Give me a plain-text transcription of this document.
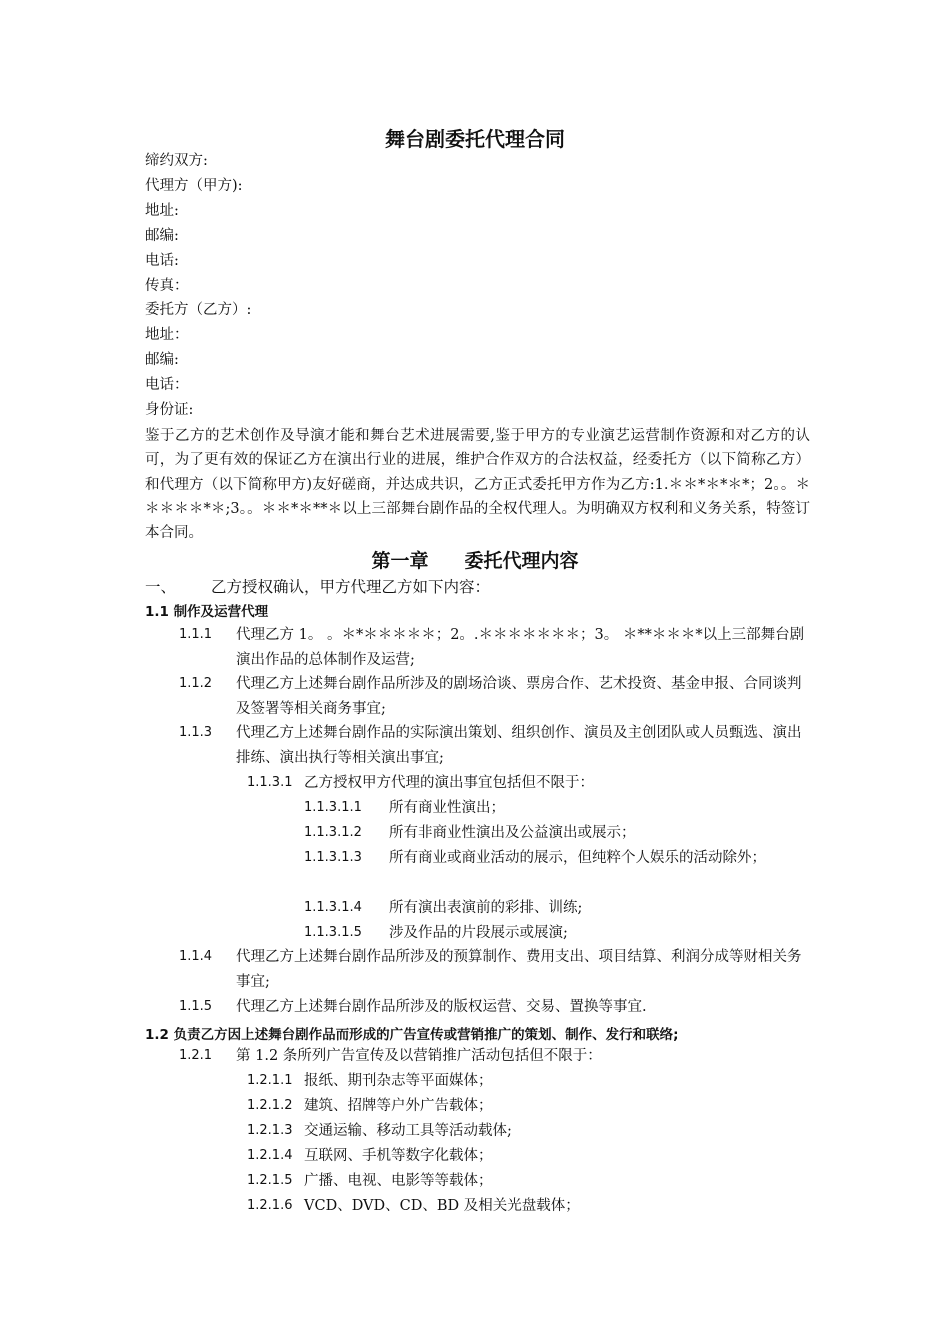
舞台剧委托代理合同
缔约双方:
代理方（甲方):
地址:
邮编:
电话:
传真：
委托方（乙方）:
地址：
邮编:
电话：
身份证:
鉴于乙方的艺术创作及导演才能和舞台艺术进展需要,鉴于甲方的专业演艺运营制作资源和对乙方的认可，为了更有效的保证乙方在演出行业的进展，维护合作双方的合法权益，经委托方（以下简称乙方）和代理方（以下简称甲方)友好磋商，并达成共识，乙方正式委托甲方作为乙方:1.＊＊*＊*＊*；2。。＊＊＊＊＊*＊;3。。＊＊*＊**＊以上三部舞台剧作品的全权代理人。为明确双方权利和义务关系，特签订本合同。
第一章 委托代理内容
一、 乙方授权确认，甲方代理乙方如下内容：
1.1 制作及运营代理
1.1.1 代理乙方 1。 。＊*＊＊＊＊＊；2。.＊＊＊＊＊＊＊；3。 ＊**＊＊＊*以上三部舞台剧演出作品的总体制作及运营;
1.1.2 代理乙方上述舞台剧作品所涉及的剧场洽谈、票房合作、艺术投资、基金申报、合同谈判及签署等相关商务事宜;
1.1.3 代理乙方上述舞台剧作品的实际演出策划、组织创作、演员及主创团队或人员甄选、演出排练、演出执行等相关演出事宜;
1.1.3.1 乙方授权甲方代理的演出事宜包括但不限于：
1.1.3.1.1 所有商业性演出；
1.1.3.1.2 所有非商业性演出及公益演出或展示；
1.1.3.1.3 所有商业或商业活动的展示，但纯粹个人娱乐的活动除外；
1.1.3.1.4 所有演出表演前的彩排、训练;
1.1.3.1.5 涉及作品的片段展示或展演;
1.1.4 代理乙方上述舞台剧作品所涉及的预算制作、费用支出、项目结算、利润分成等财相关务事宜;
1.1.5 代理乙方上述舞台剧作品所涉及的版权运营、交易、置换等事宜.
1.2 负责乙方因上述舞台剧作品而形成的广告宣传或营销推广的策划、制作、发行和联络;
1.2.1 第 1.2 条所列广告宣传及以营销推广活动包括但不限于：
1.2.1.1 报纸、期刊杂志等平面媒体；
1.2.1.2 建筑、招牌等户外广告载体；
1.2.1.3 交通运输、移动工具等活动载体;
1.2.1.4 互联网、手机等数字化载体；
1.2.1.5 广播、电视、电影等等载体；
1.2.1.6 VCD、DVD、CD、BD 及相关光盘载体；
